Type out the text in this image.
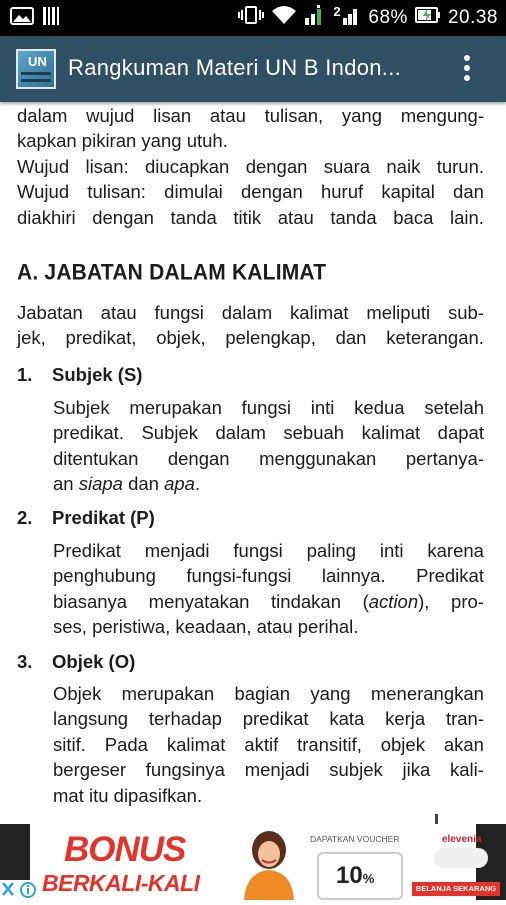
2 68% 20.38
UN Rangkuman Materi UN B Indon...
dalam wujud lisan atau tulisan, yang mengung-
kapkan pikiran yang utuh.
Wujud lisan: diucapkan dengan suara naik turun.
Wujud tulisan: dimulai dengan huruf kapital dan
diakhiri dengan tanda titik atau tanda baca lain.
A. JABATAN DALAM KALIMAT
Jabatan atau fungsi dalam kalimat meliputi sub-
jek, predikat, objek, pelengkap, dan keterangan.
1. Subjek (S)
Subjek merupakan fungsi inti kedua setelah
predikat. Subjek dalam sebuah kalimat dapat
ditentukan dengan menggunakan pertanya-
an siapa dan apa .
2. Predikat (P)
Predikat menjadi fungsi paling inti karena
penghubung fungsi-fungsi lainnya. Predikat
biasanya menyatakan tindakan (action), pro-
ses, peristiwa, keadaan, atau perihal.
3. Objek (O)
Objek merupakan bagian yang menerangkan
langsung terhadap predikat kata kerja tran-
sitif. Pada kalimat aktif transitif, objek akan
bergeser fungsinya menjadi subjek jika kali-
mat itu dipasifkan.
BONUS
BERKALI-KALI
DAPATKAN VOUCHER
10%
elevenia
BELANJA SEKARANG
